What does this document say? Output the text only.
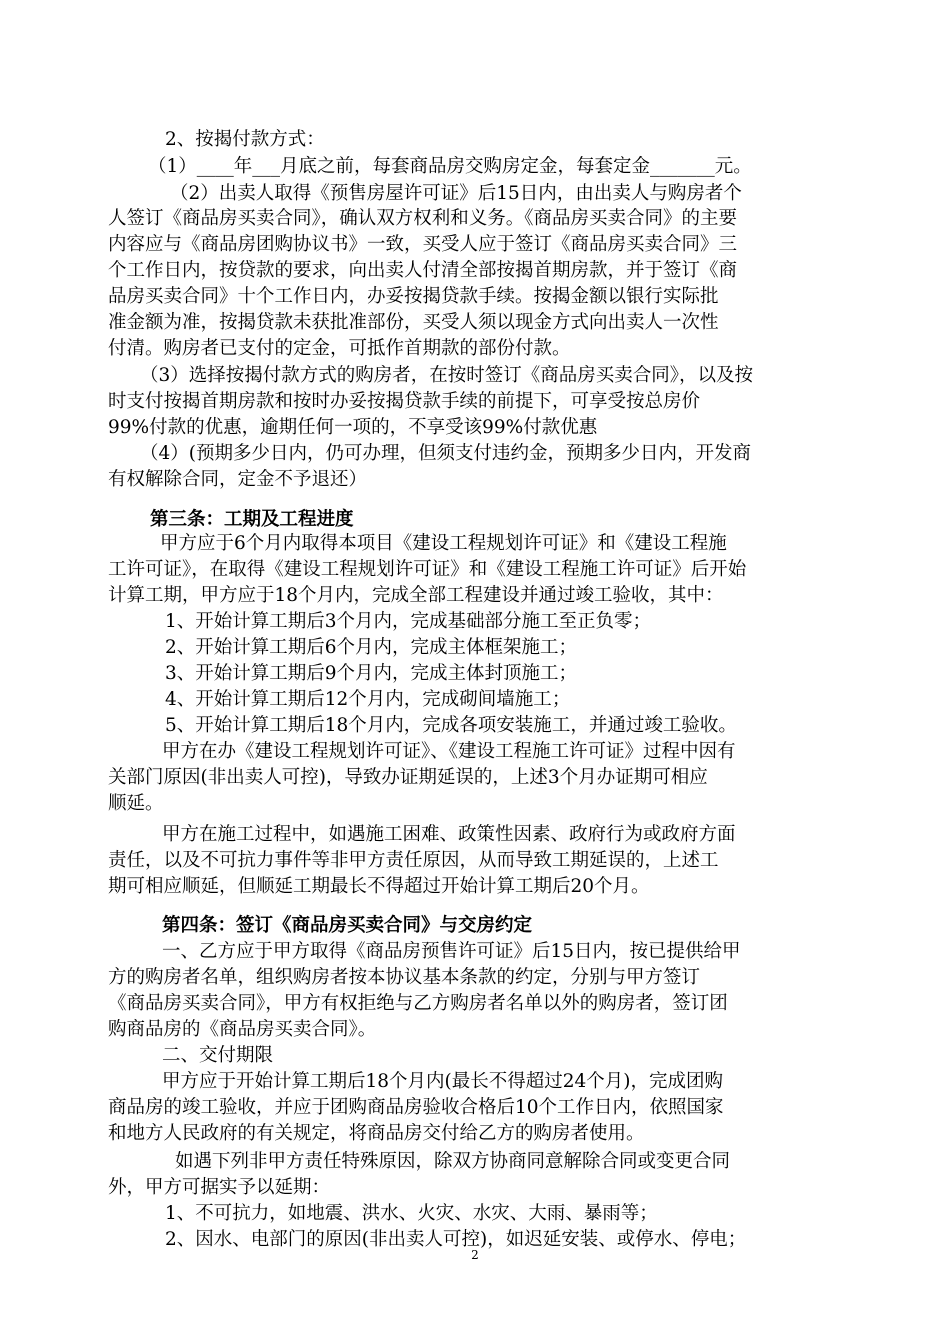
2、按揭付款方式：

（1）____年___月底之前，每套商品房交购房定金，每套定金_______元。

（2）出卖人取得《预售房屋许可证》后15日内，由出卖人与购房者个

人签订《商品房买卖合同》，确认双方权利和义务。《商品房买卖合同》的主要

内容应与《商品房团购协议书》一致，买受人应于签订《商品房买卖合同》三

个工作日内，按贷款的要求，向出卖人付清全部按揭首期房款，并于签订《商

品房买卖合同》十个工作日内，办妥按揭贷款手续。按揭金额以银行实际批

准金额为准，按揭贷款未获批准部份，买受人须以现金方式向出卖人一次性

付清。购房者已支付的定金，可抵作首期款的部份付款。

（3）选择按揭付款方式的购房者，在按时签订《商品房买卖合同》，以及按

时支付按揭首期房款和按时办妥按揭贷款手续的前提下，可享受按总房价

99%付款的优惠，逾期任何一项的，不享受该99%付款优惠

（4）(预期多少日内，仍可办理，但须支付违约金，预期多少日内，开发商

有权解除合同，定金不予退还）

第三条：工期及工程进度

甲方应于6个月内取得本项目《建设工程规划许可证》和《建设工程施

工许可证》，在取得《建设工程规划许可证》和《建设工程施工许可证》后开始

计算工期，甲方应于18个月内，完成全部工程建设并通过竣工验收，其中：

1、开始计算工期后3个月内，完成基础部分施工至正负零；

2、开始计算工期后6个月内，完成主体框架施工；

3、开始计算工期后9个月内，完成主体封顶施工；

4、开始计算工期后12个月内，完成砌间墙施工；

5、开始计算工期后18个月内，完成各项安装施工，并通过竣工验收。

甲方在办《建设工程规划许可证》、《建设工程施工许可证》过程中因有

关部门原因(非出卖人可控)，导致办证期延误的，上述3个月办证期可相应

顺延。

甲方在施工过程中，如遇施工困难、政策性因素、政府行为或政府方面

责任，以及不可抗力事件等非甲方责任原因，从而导致工期延误的，上述工

期可相应顺延，但顺延工期最长不得超过开始计算工期后20个月。

第四条：签订《商品房买卖合同》与交房约定

一、乙方应于甲方取得《商品房预售许可证》后15日内，按已提供给甲

方的购房者名单，组织购房者按本协议基本条款的约定，分别与甲方签订

《商品房买卖合同》，甲方有权拒绝与乙方购房者名单以外的购房者，签订团

购商品房的《商品房买卖合同》。

二、交付期限

甲方应于开始计算工期后18个月内(最长不得超过24个月)，完成团购

商品房的竣工验收，并应于团购商品房验收合格后10个工作日内，依照国家

和地方人民政府的有关规定，将商品房交付给乙方的购房者使用。

如遇下列非甲方责任特殊原因，除双方协商同意解除合同或变更合同

外，甲方可据实予以延期：

1、不可抗力，如地震、洪水、火灾、水灾、大雨、暴雨等；

2、因水、电部门的原因(非出卖人可控)，如迟延安装、或停水、停电；

2
